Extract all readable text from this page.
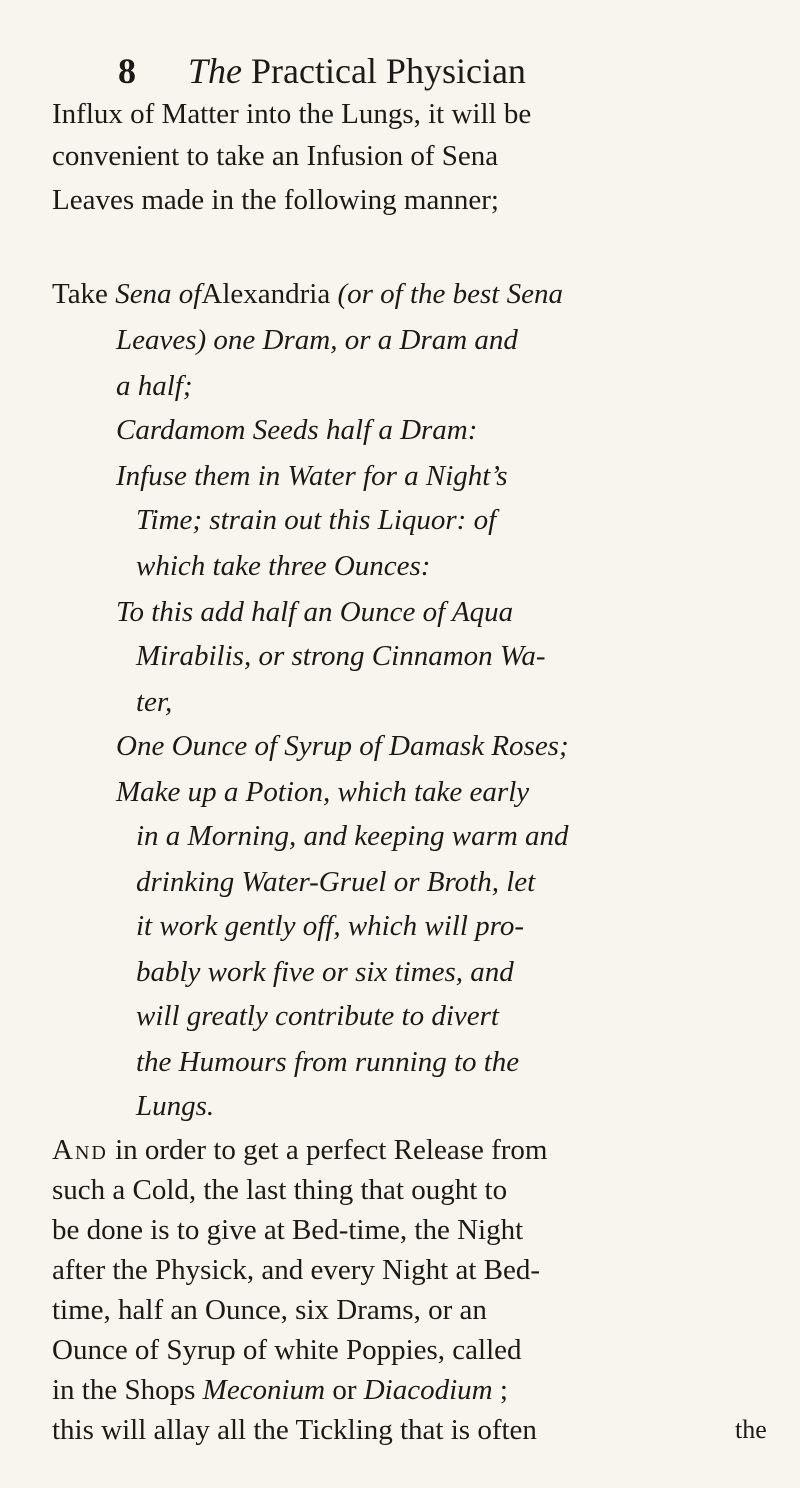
8 The Practical Physician
Influx of Matter into the Lungs, it will be
convenient to take an Infusion of Sena
Leaves made in the following manner;
Take Sena ofAlexandria (or of the best Sena
Leaves) one Dram, or a Dram and
a half;
Cardamom Seeds half a Dram:
Infuse them in Water for a Night’s
Time; strain out this Liquor: of
which take three Ounces:
To this add half an Ounce of Aqua
Mirabilis, or strong Cinnamon Wa-
ter,
One Ounce of Syrup of Damask Roses;
Make up a Potion, which take early
in a Morning, and keeping warm and
drinking Water-Gruel or Broth, let
it work gently off, which will pro-
bably work five or six times, and
will greatly contribute to divert
the Humours from running to the
Lungs.
And in order to get a perfect Release from
such a Cold, the last thing that ought to
be done is to give at Bed-time, the Night
after the Physick, and every Night at Bed-
time, half an Ounce, six Drams, or an
Ounce of Syrup of white Poppies, called
in the Shops Meconium or Diacodium ;
this will allay all the Tickling that is often	the
